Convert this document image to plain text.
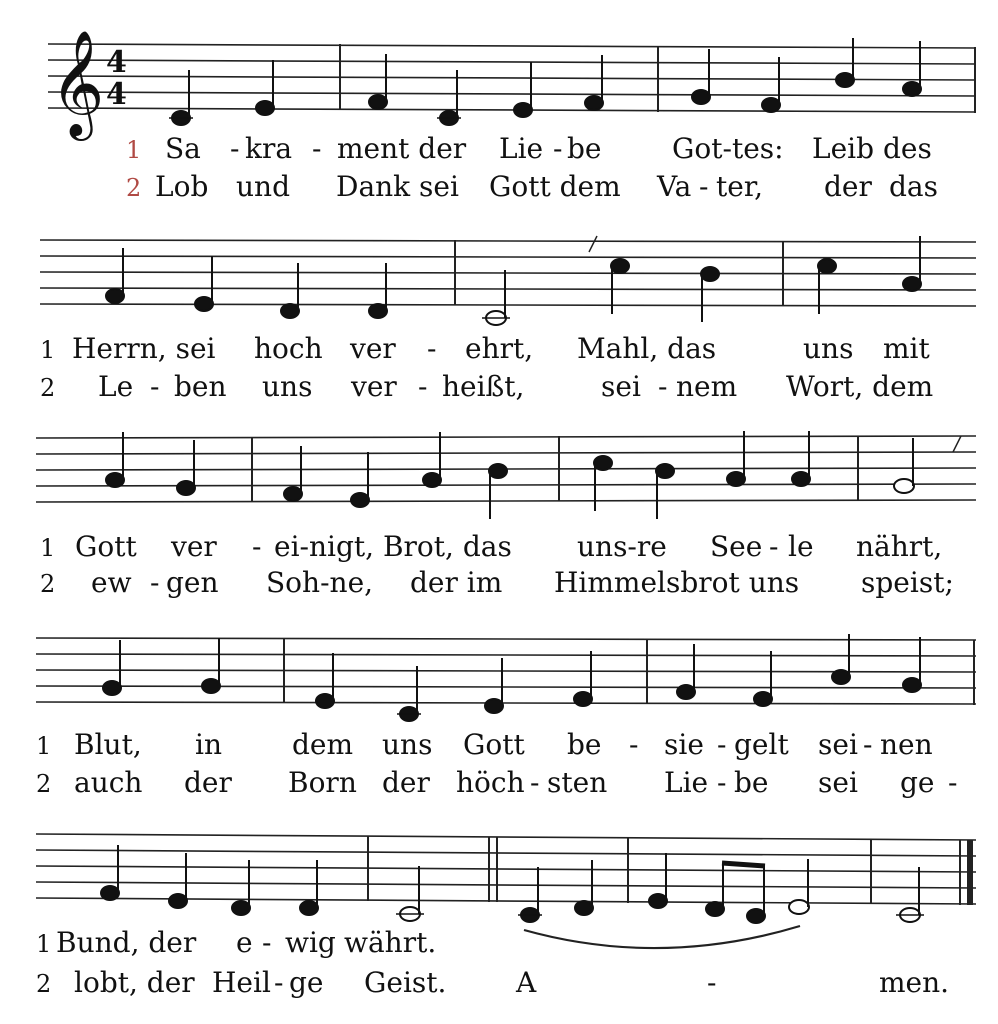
𝄞 4
4
1 Sa - kra - ment der Lie - be	Got-tes: Leib des
2 Lob und Dank sei Gott dem Va - ter, der das
1 Herrn, sei hoch ver - ehrt, Mahl, das	uns mit
2 Le - ben uns ver - heißt,	sei - nem Wort, dem
1 Gott ver - ei-nigt, Brot, das uns-re See - le nährt,
2 ew - gen Soh-ne, der im Himmelsbrot uns speist;
1 Blut, in	dem uns Gott be - sie - gelt sei - nen
2 auch der Born der höch - sten Lie - be sei ge -
1 Bund, der e - wig währt.
2 lobt, der Heil - ge Geist. A	-	men.
